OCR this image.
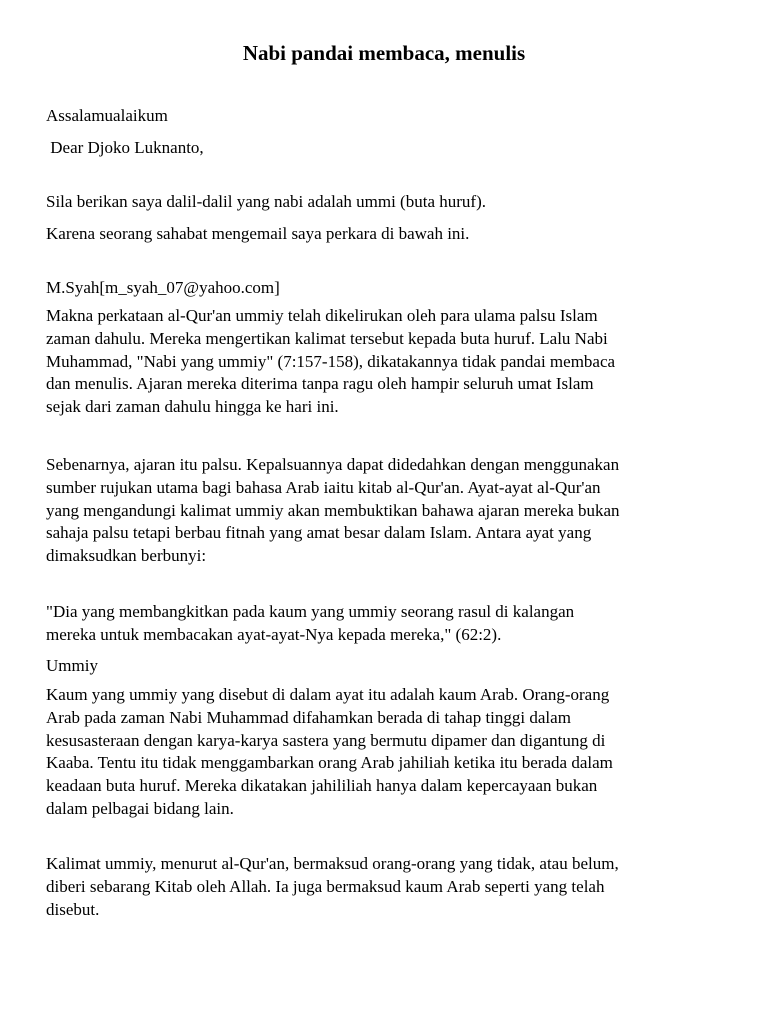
Nabi pandai membaca, menulis

Assalamualaikum

Dear Djoko Luknanto,

Sila berikan saya dalil-dalil yang nabi adalah ummi (buta huruf).

Karena seorang sahabat mengemail saya perkara di bawah ini.

M.Syah[m_syah_07@yahoo.com]

Makna perkataan al-Qur'an ummiy telah dikelirukan oleh para ulama palsu Islam
zaman dahulu. Mereka mengertikan kalimat tersebut kepada buta huruf. Lalu Nabi
Muhammad, "Nabi yang ummiy" (7:157-158), dikatakannya tidak pandai membaca
dan menulis. Ajaran mereka diterima tanpa ragu oleh hampir seluruh umat Islam
sejak dari zaman dahulu hingga ke hari ini.
Sebenarnya, ajaran itu palsu. Kepalsuannya dapat didedahkan dengan menggunakan
sumber rujukan utama bagi bahasa Arab iaitu kitab al-Qur'an. Ayat-ayat al-Qur'an
yang mengandungi kalimat ummiy akan membuktikan bahawa ajaran mereka bukan
sahaja palsu tetapi berbau fitnah yang amat besar dalam Islam. Antara ayat yang
dimaksudkan berbunyi:
"Dia yang membangkitkan pada kaum yang ummiy seorang rasul di kalangan
mereka untuk membacakan ayat-ayat-Nya kepada mereka," (62:2).

Ummiy

Kaum yang ummiy yang disebut di dalam ayat itu adalah kaum Arab. Orang-orang
Arab pada zaman Nabi Muhammad difahamkan berada di tahap tinggi dalam
kesusasteraan dengan karya-karya sastera yang bermutu dipamer dan digantung di
Kaaba. Tentu itu tidak menggambarkan orang Arab jahiliah ketika itu berada dalam
keadaan buta huruf. Mereka dikatakan jahililiah hanya dalam kepercayaan bukan
dalam pelbagai bidang lain.
Kalimat ummiy, menurut al-Qur'an, bermaksud orang-orang yang tidak, atau belum,
diberi sebarang Kitab oleh Allah. Ia juga bermaksud kaum Arab seperti yang telah
disebut.
